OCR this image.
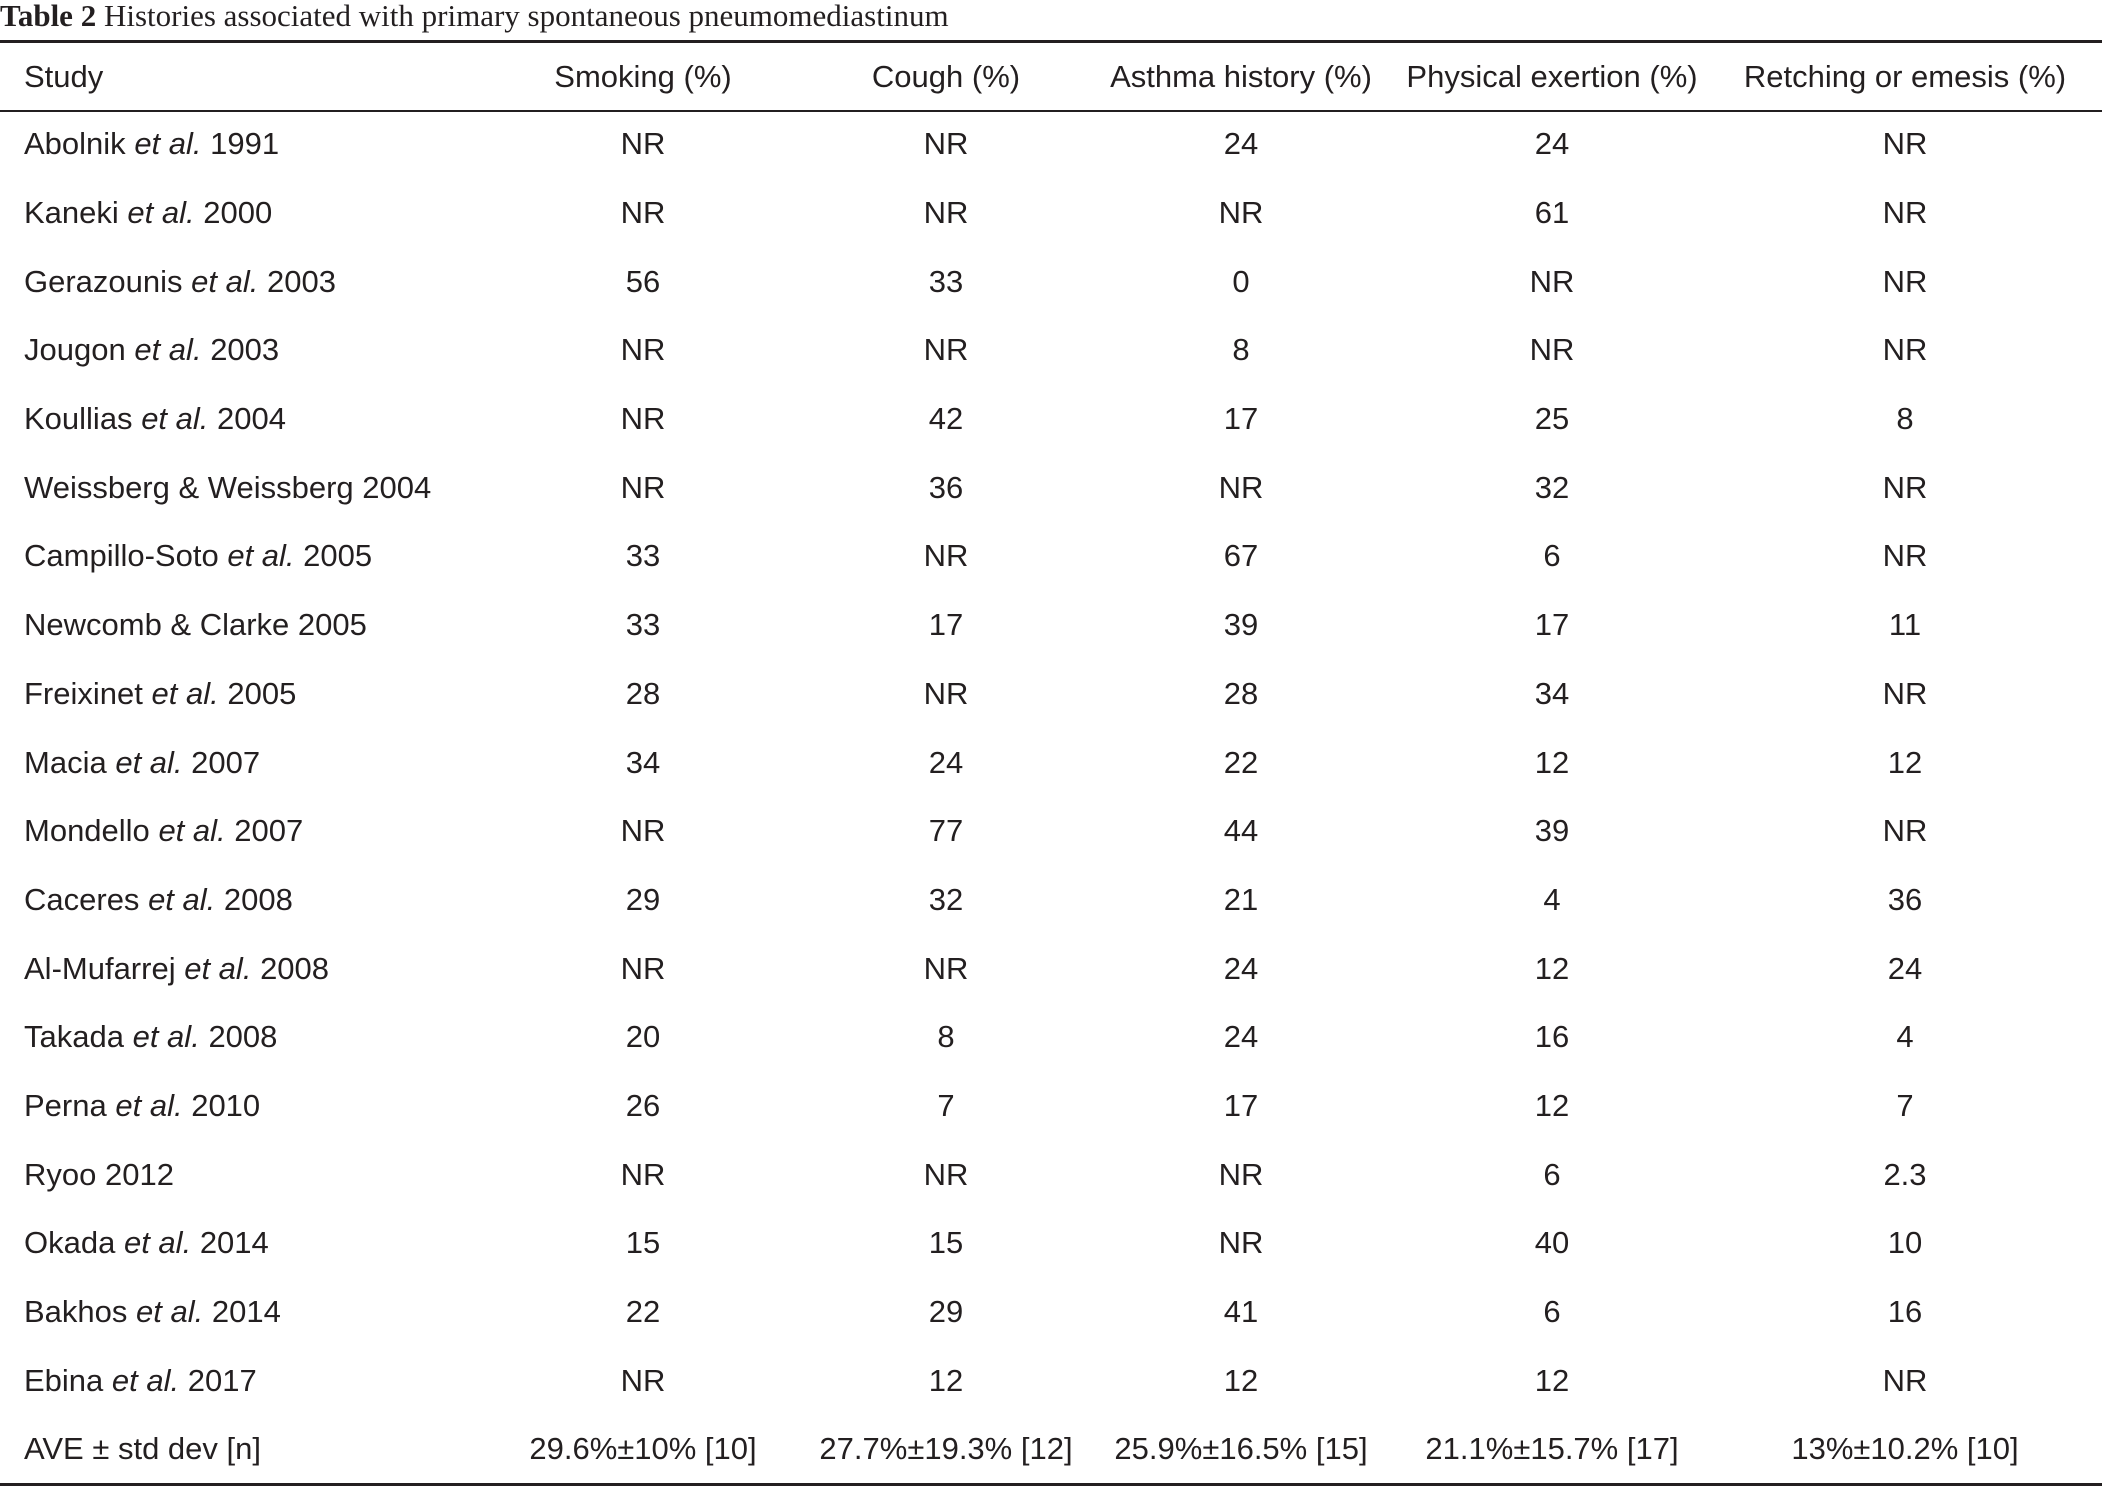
Table 2 Histories associated with primary spontaneous pneumomediastinum
Study	Smoking (%)	Cough (%)	Asthma history (%)	Physical exertion (%)	Retching or emesis (%)
Abolnik et al. 1991	NR	NR	24	24	NR
Kaneki et al. 2000	NR	NR	NR	61	NR
Gerazounis et al. 2003	56	33	0	NR	NR
Jougon et al. 2003	NR	NR	8	NR	NR
Koullias et al. 2004	NR	42	17	25	8
Weissberg & Weissberg 2004	NR	36	NR	32	NR
Campillo-Soto et al. 2005	33	NR	67	6	NR
Newcomb & Clarke 2005	33	17	39	17	11
Freixinet et al. 2005	28	NR	28	34	NR
Macia et al. 2007	34	24	22	12	12
Mondello et al. 2007	NR	77	44	39	NR
Caceres et al. 2008	29	32	21	4	36
Al-Mufarrej et al. 2008	NR	NR	24	12	24
Takada et al. 2008	20	8	24	16	4
Perna et al. 2010	26	7	17	12	7
Ryoo 2012	NR	NR	NR	6	2.3
Okada et al. 2014	15	15	NR	40	10
Bakhos et al. 2014	22	29	41	6	16
Ebina et al. 2017	NR	12	12	12	NR
AVE ± std dev [n]	29.6%±10% [10]	27.7%±19.3% [12]	25.9%±16.5% [15]	21.1%±15.7% [17]	13%±10.2% [10]
